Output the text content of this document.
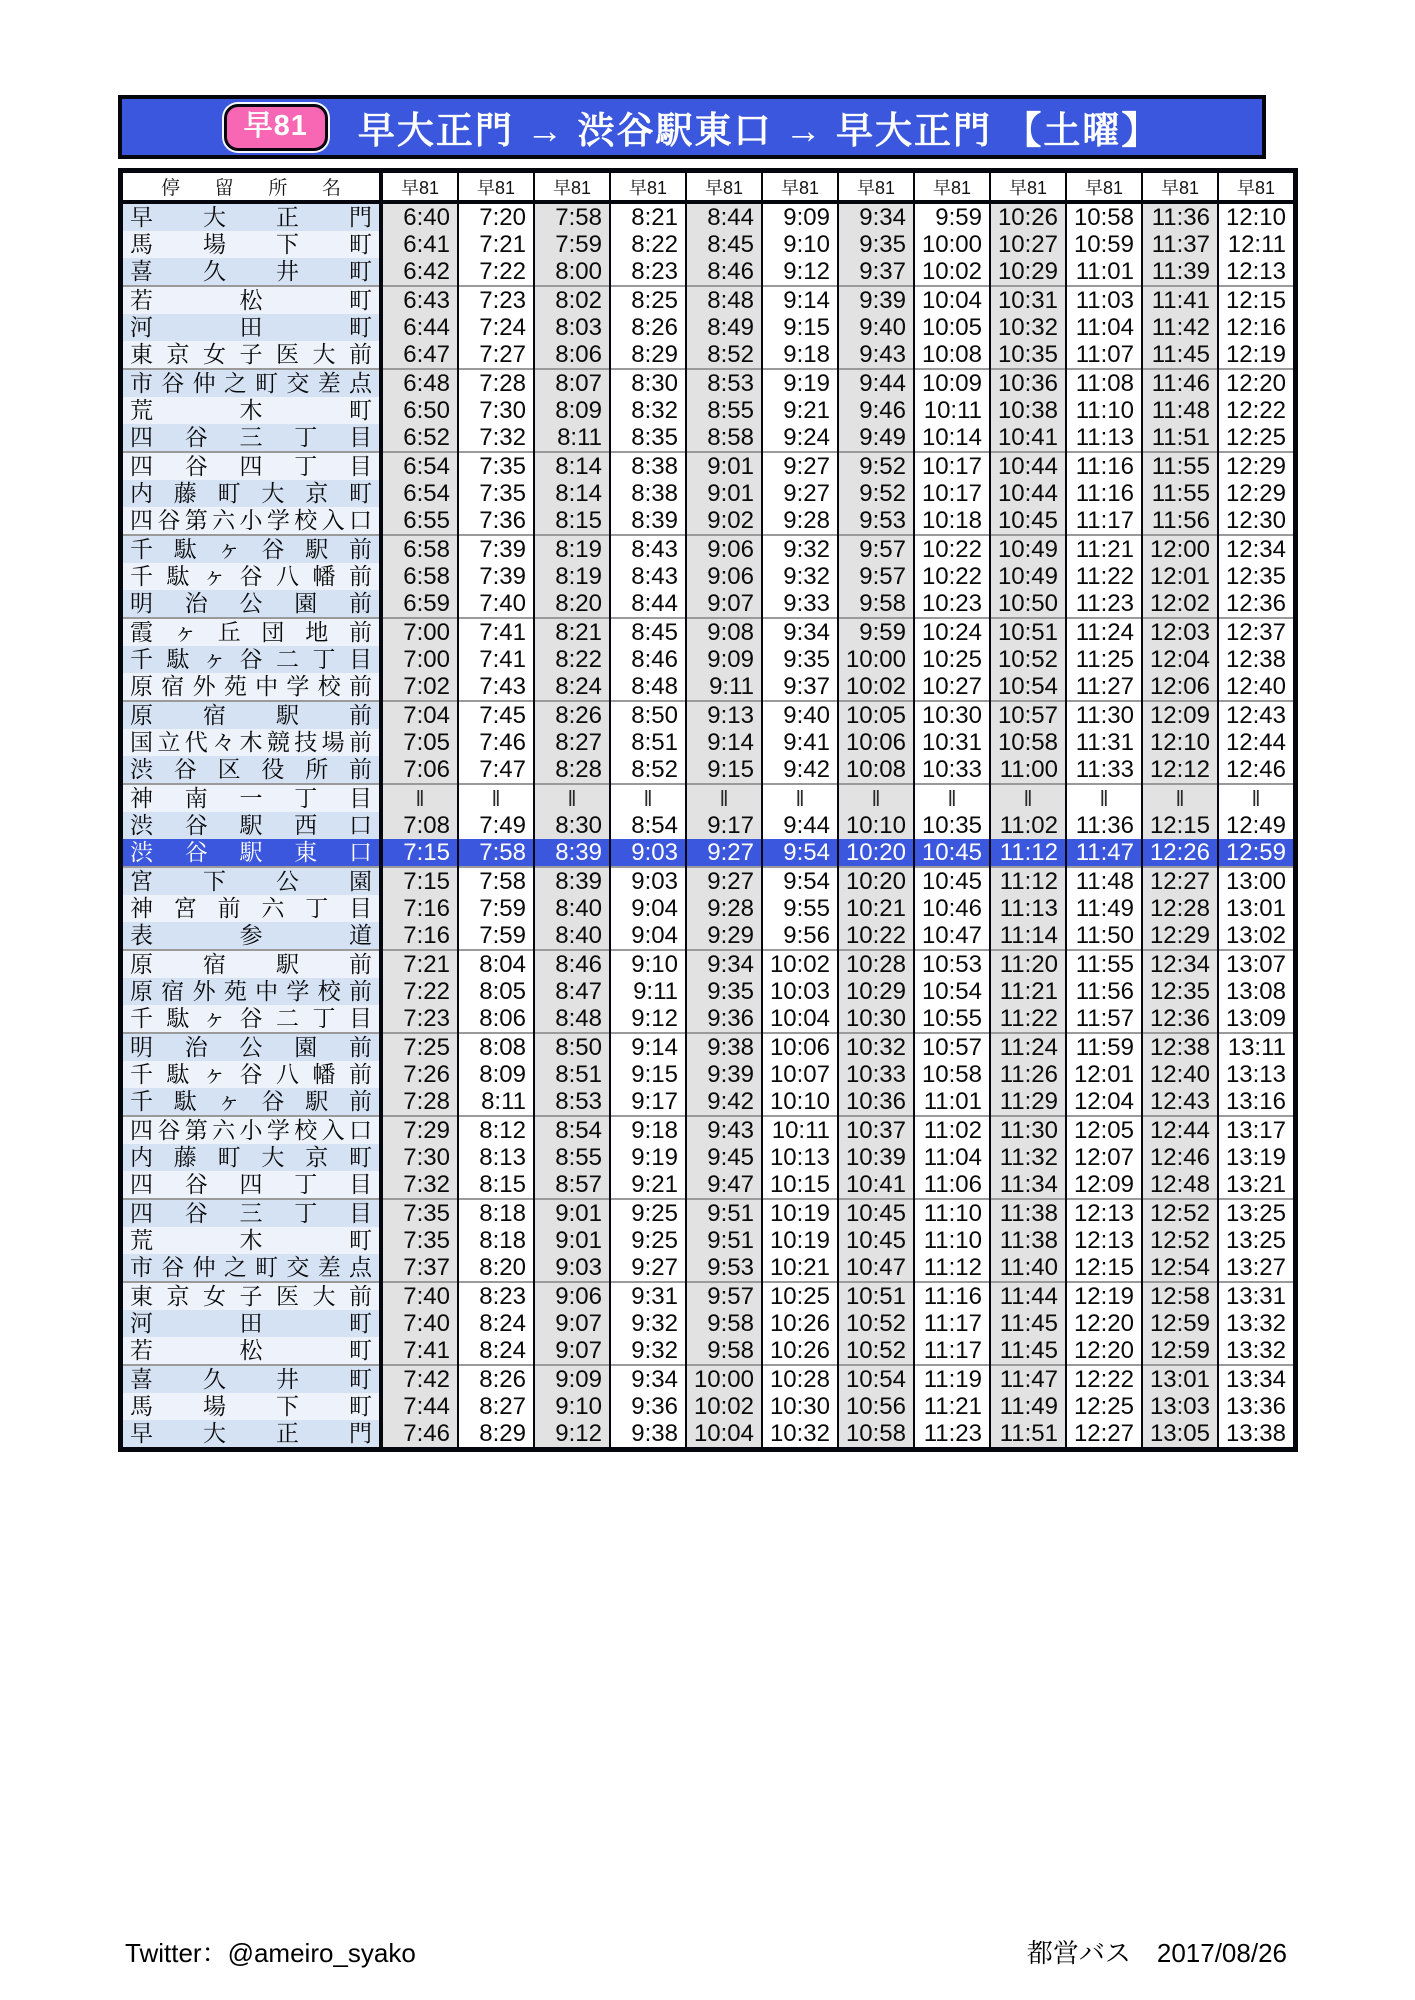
早81	早大正門 → 渋谷駅東口 → 早大正門 【土曜】
停 留 所 名	早81	早81	早81	早81	早81	早81	早81	早81	早81	早81	早81	早81

早 大 正 門	6:40	7:20	7:58	8:21	8:44	9:09	9:34	9:59	10:26	10:58	11:36	12:10

馬 場 下 町	6:41	7:21	7:59	8:22	8:45	9:10	9:35	10:00	10:27	10:59	11:37	12:11

喜 久 井 町	6:42	7:22	8:00	8:23	8:46	9:12	9:37	10:02	10:29	11:01	11:39	12:13

若 松 町	6:43	7:23	8:02	8:25	8:48	9:14	9:39	10:04	10:31	11:03	11:41	12:15

河 田 町	6:44	7:24	8:03	8:26	8:49	9:15	9:40	10:05	10:32	11:04	11:42	12:16

東 京 女 子 医 大 前	6:47	7:27	8:06	8:29	8:52	9:18	9:43	10:08	10:35	11:07	11:45	12:19

市 谷 仲 之 町 交 差 点	6:48	7:28	8:07	8:30	8:53	9:19	9:44	10:09	10:36	11:08	11:46	12:20

荒 木 町	6:50	7:30	8:09	8:32	8:55	9:21	9:46	10:11	10:38	11:10	11:48	12:22

四 谷 三 丁 目	6:52	7:32	8:11	8:35	8:58	9:24	9:49	10:14	10:41	11:13	11:51	12:25

四 谷 四 丁 目	6:54	7:35	8:14	8:38	9:01	9:27	9:52	10:17	10:44	11:16	11:55	12:29

内 藤 町 大 京 町	6:54	7:35	8:14	8:38	9:01	9:27	9:52	10:17	10:44	11:16	11:55	12:29

四 谷 第 六 小 学 校 入 口	6:55	7:36	8:15	8:39	9:02	9:28	9:53	10:18	10:45	11:17	11:56	12:30

千 駄 ヶ 谷 駅 前	6:58	7:39	8:19	8:43	9:06	9:32	9:57	10:22	10:49	11:21	12:00	12:34

千 駄 ヶ 谷 八 幡 前	6:58	7:39	8:19	8:43	9:06	9:32	9:57	10:22	10:49	11:22	12:01	12:35

明 治 公 園 前	6:59	7:40	8:20	8:44	9:07	9:33	9:58	10:23	10:50	11:23	12:02	12:36

霞 ヶ 丘 団 地 前	7:00	7:41	8:21	8:45	9:08	9:34	9:59	10:24	10:51	11:24	12:03	12:37

千 駄 ヶ 谷 二 丁 目	7:00	7:41	8:22	8:46	9:09	9:35	10:00	10:25	10:52	11:25	12:04	12:38

原 宿 外 苑 中 学 校 前	7:02	7:43	8:24	8:48	9:11	9:37	10:02	10:27	10:54	11:27	12:06	12:40

原 宿 駅 前	7:04	7:45	8:26	8:50	9:13	9:40	10:05	10:30	10:57	11:30	12:09	12:43

国 立 代 々 木 競 技 場 前	7:05	7:46	8:27	8:51	9:14	9:41	10:06	10:31	10:58	11:31	12:10	12:44

渋 谷 区 役 所 前	7:06	7:47	8:28	8:52	9:15	9:42	10:08	10:33	11:00	11:33	12:12	12:46

神 南 一 丁 目	‖	‖	‖	‖	‖	‖	‖	‖	‖	‖	‖	‖

渋 谷 駅 西 口	7:08	7:49	8:30	8:54	9:17	9:44	10:10	10:35	11:02	11:36	12:15	12:49

渋 谷 駅 東 口	7:15	7:58	8:39	9:03	9:27	9:54	10:20	10:45	11:12	11:47	12:26	12:59

宮 下 公 園	7:15	7:58	8:39	9:03	9:27	9:54	10:20	10:45	11:12	11:48	12:27	13:00

神 宮 前 六 丁 目	7:16	7:59	8:40	9:04	9:28	9:55	10:21	10:46	11:13	11:49	12:28	13:01

表 参 道	7:16	7:59	8:40	9:04	9:29	9:56	10:22	10:47	11:14	11:50	12:29	13:02

原 宿 駅 前	7:21	8:04	8:46	9:10	9:34	10:02	10:28	10:53	11:20	11:55	12:34	13:07

原 宿 外 苑 中 学 校 前	7:22	8:05	8:47	9:11	9:35	10:03	10:29	10:54	11:21	11:56	12:35	13:08

千 駄 ヶ 谷 二 丁 目	7:23	8:06	8:48	9:12	9:36	10:04	10:30	10:55	11:22	11:57	12:36	13:09

明 治 公 園 前	7:25	8:08	8:50	9:14	9:38	10:06	10:32	10:57	11:24	11:59	12:38	13:11

千 駄 ヶ 谷 八 幡 前	7:26	8:09	8:51	9:15	9:39	10:07	10:33	10:58	11:26	12:01	12:40	13:13

千 駄 ヶ 谷 駅 前	7:28	8:11	8:53	9:17	9:42	10:10	10:36	11:01	11:29	12:04	12:43	13:16

四 谷 第 六 小 学 校 入 口	7:29	8:12	8:54	9:18	9:43	10:11	10:37	11:02	11:30	12:05	12:44	13:17

内 藤 町 大 京 町	7:30	8:13	8:55	9:19	9:45	10:13	10:39	11:04	11:32	12:07	12:46	13:19

四 谷 四 丁 目	7:32	8:15	8:57	9:21	9:47	10:15	10:41	11:06	11:34	12:09	12:48	13:21

四 谷 三 丁 目	7:35	8:18	9:01	9:25	9:51	10:19	10:45	11:10	11:38	12:13	12:52	13:25

荒 木 町	7:35	8:18	9:01	9:25	9:51	10:19	10:45	11:10	11:38	12:13	12:52	13:25

市 谷 仲 之 町 交 差 点	7:37	8:20	9:03	9:27	9:53	10:21	10:47	11:12	11:40	12:15	12:54	13:27

東 京 女 子 医 大 前	7:40	8:23	9:06	9:31	9:57	10:25	10:51	11:16	11:44	12:19	12:58	13:31

河 田 町	7:40	8:24	9:07	9:32	9:58	10:26	10:52	11:17	11:45	12:20	12:59	13:32

若 松 町	7:41	8:24	9:07	9:32	9:58	10:26	10:52	11:17	11:45	12:20	12:59	13:32

喜 久 井 町	7:42	8:26	9:09	9:34	10:00	10:28	10:54	11:19	11:47	12:22	13:01	13:34

馬 場 下 町	7:44	8:27	9:10	9:36	10:02	10:30	10:56	11:21	11:49	12:25	13:03	13:36

早 大 正 門	7:46	8:29	9:12	9:38	10:04	10:32	10:58	11:23	11:51	12:27	13:05	13:38
Twitter：@ameiro_syako	都営バス　2017/08/26
